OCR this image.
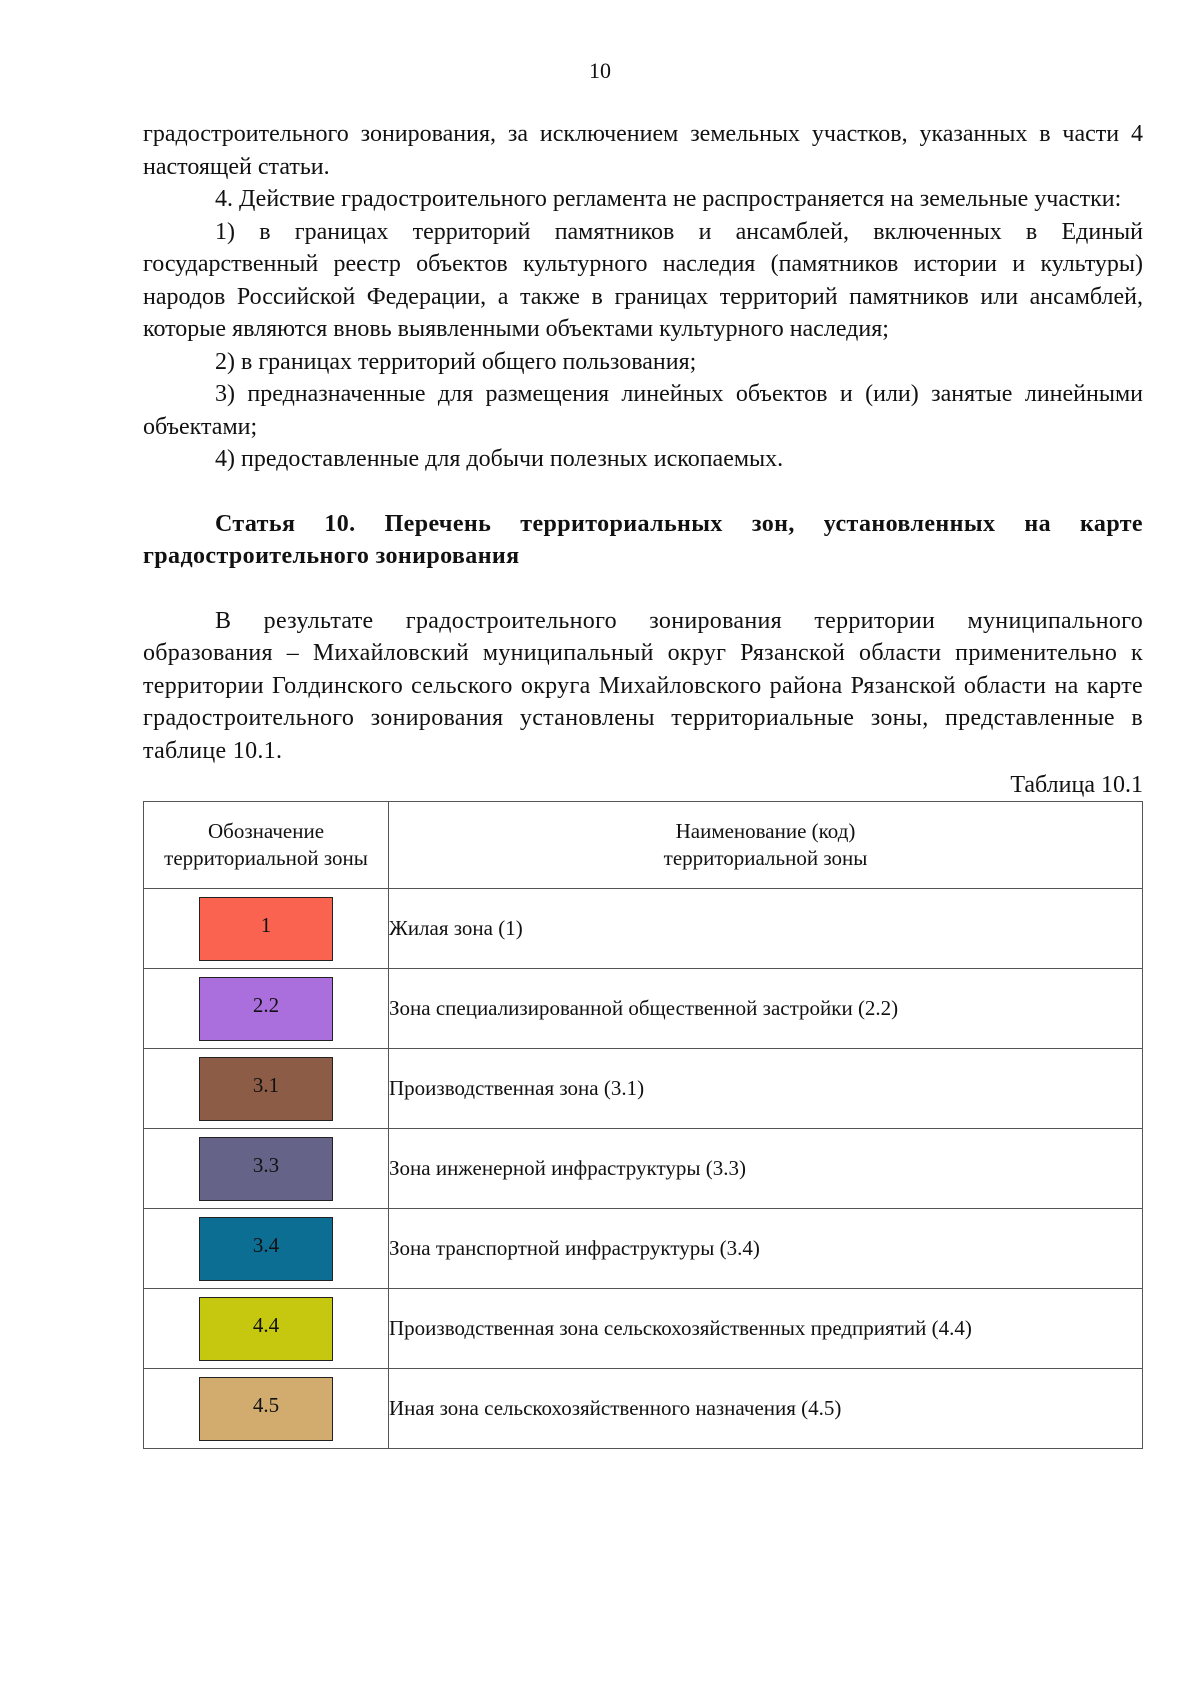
10

градостроительного зонирования, за исключением земельных участков, указанных в части 4 настоящей статьи.

4. Действие градостроительного регламента не распространяется на земельные участки:

1) в границах территорий памятников и ансамблей, включенных в Единый государственный реестр объектов культурного наследия (памятников истории и культуры) народов Российской Федерации, а также в границах территорий памятников или ансамблей, которые являются вновь выявленными объектами культурного наследия;

2) в границах территорий общего пользования;

3) предназначенные для размещения линейных объектов и (или) занятые линейными объектами;

4) предоставленные для добычи полезных ископаемых.

Статья 10. Перечень территориальных зон, установленных на карте градостроительного зонирования

В результате градостроительного зонирования территории муниципального образования – Михайловский муниципальный округ Рязанской области применительно к территории Голдинского сельского округа Михайловского района Рязанской области на карте градостроительного зонирования установлены территориальные зоны, представленные в таблице 10.1.

Таблица 10.1
Обозначение территориальной зоны	Наименование (код)
территориальной зоны
1	Жилая зона (1)
2.2	Зона специализированной общественной застройки (2.2)
3.1	Производственная зона (3.1)
3.3	Зона инженерной инфраструктуры (3.3)
3.4	Зона транспортной инфраструктуры (3.4)
4.4	Производственная зона сельскохозяйственных предприятий (4.4)
4.5	Иная зона сельскохозяйственного назначения (4.5)
